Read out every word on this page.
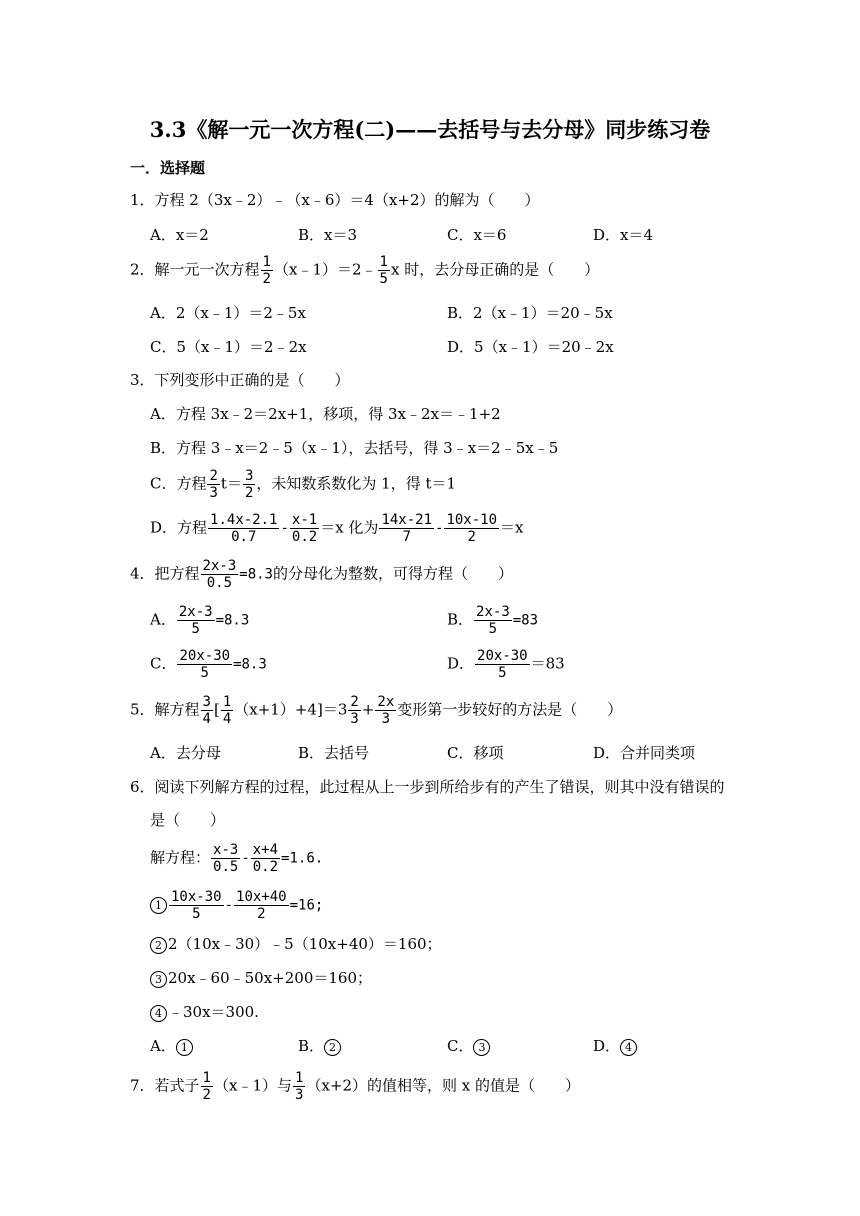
3.3《解一元一次方程(二)——去括号与去分母》同步练习卷
一．选择题
1．方程 2（3x﹣2）﹣（x﹣6）＝4（x+2）的解为（　　）
A．x＝2	B．x＝3	C．x＝6	D．x＝4
2．解一元一次方程 $\frac{1}{2}$ （x﹣1）＝2﹣ $\frac{1}{5}$ x 时，去分母正确的是（　　）
A．2（x﹣1）＝2﹣5x	B．2（x﹣1）＝20﹣5x
C．5（x﹣1）＝2﹣2x	D．5（x﹣1）＝20﹣2x
3．下列变形中正确的是（　　）
A．方程 3x﹣2＝2x+1，移项，得 3x﹣2x＝﹣1+2
B．方程 3﹣x＝2﹣5（x﹣1），去括号，得 3﹣x＝2﹣5x﹣5
C．方程 $\frac{2}{3} t= \frac{3}{2}$ ，未知数系数化为 1，得 t＝1
D．方程 $\frac{1.4x-2.1}{0.7} - \frac{x-1}{0.2} =x$ 化为 $\frac{14x-21}{7} - \frac{10x-10}{2} =x$
4．把方程 $\frac{2x-3}{0.5} =8.3$的分母化为整数，可得方程（　　）
A． $\frac{2x-3}{5} =8.3$	B． $\frac{2x-3}{5} =83$
C． $\frac{20x-30}{5} =8.3$	D． $\frac{20x-30}{5} =83$
5．解方程 $\frac{3}{4}$ [ $\frac{1}{4} (x+1)+4]=3 \frac{2}{3} + \frac{2x}{3}$ 变形第一步较好的方法是（　　）
A．去分母	B．去括号	C．移项	D．合并同类项
6．阅读下列解方程的过程，此过程从上一步到所给步有的产生了错误，则其中没有错误的
是（　　）
解方程： $\frac{x-3}{0.5} - \frac{x+4}{0.2} =1.6$.
$1 \frac{10x-30}{5} - \frac{10x+40}{2} =16$;
2 2（10x﹣30）﹣5（10x+40）＝160；
3 20x﹣60﹣50x+200＝160；
4 ﹣30x＝300.
A． 1	B． 2	C． 3	D． 4
7．若式子 $\frac{1}{2}$ （x﹣1）与 $\frac{1}{3} (x+2)$的值相等，则 x 的值是（　　）
